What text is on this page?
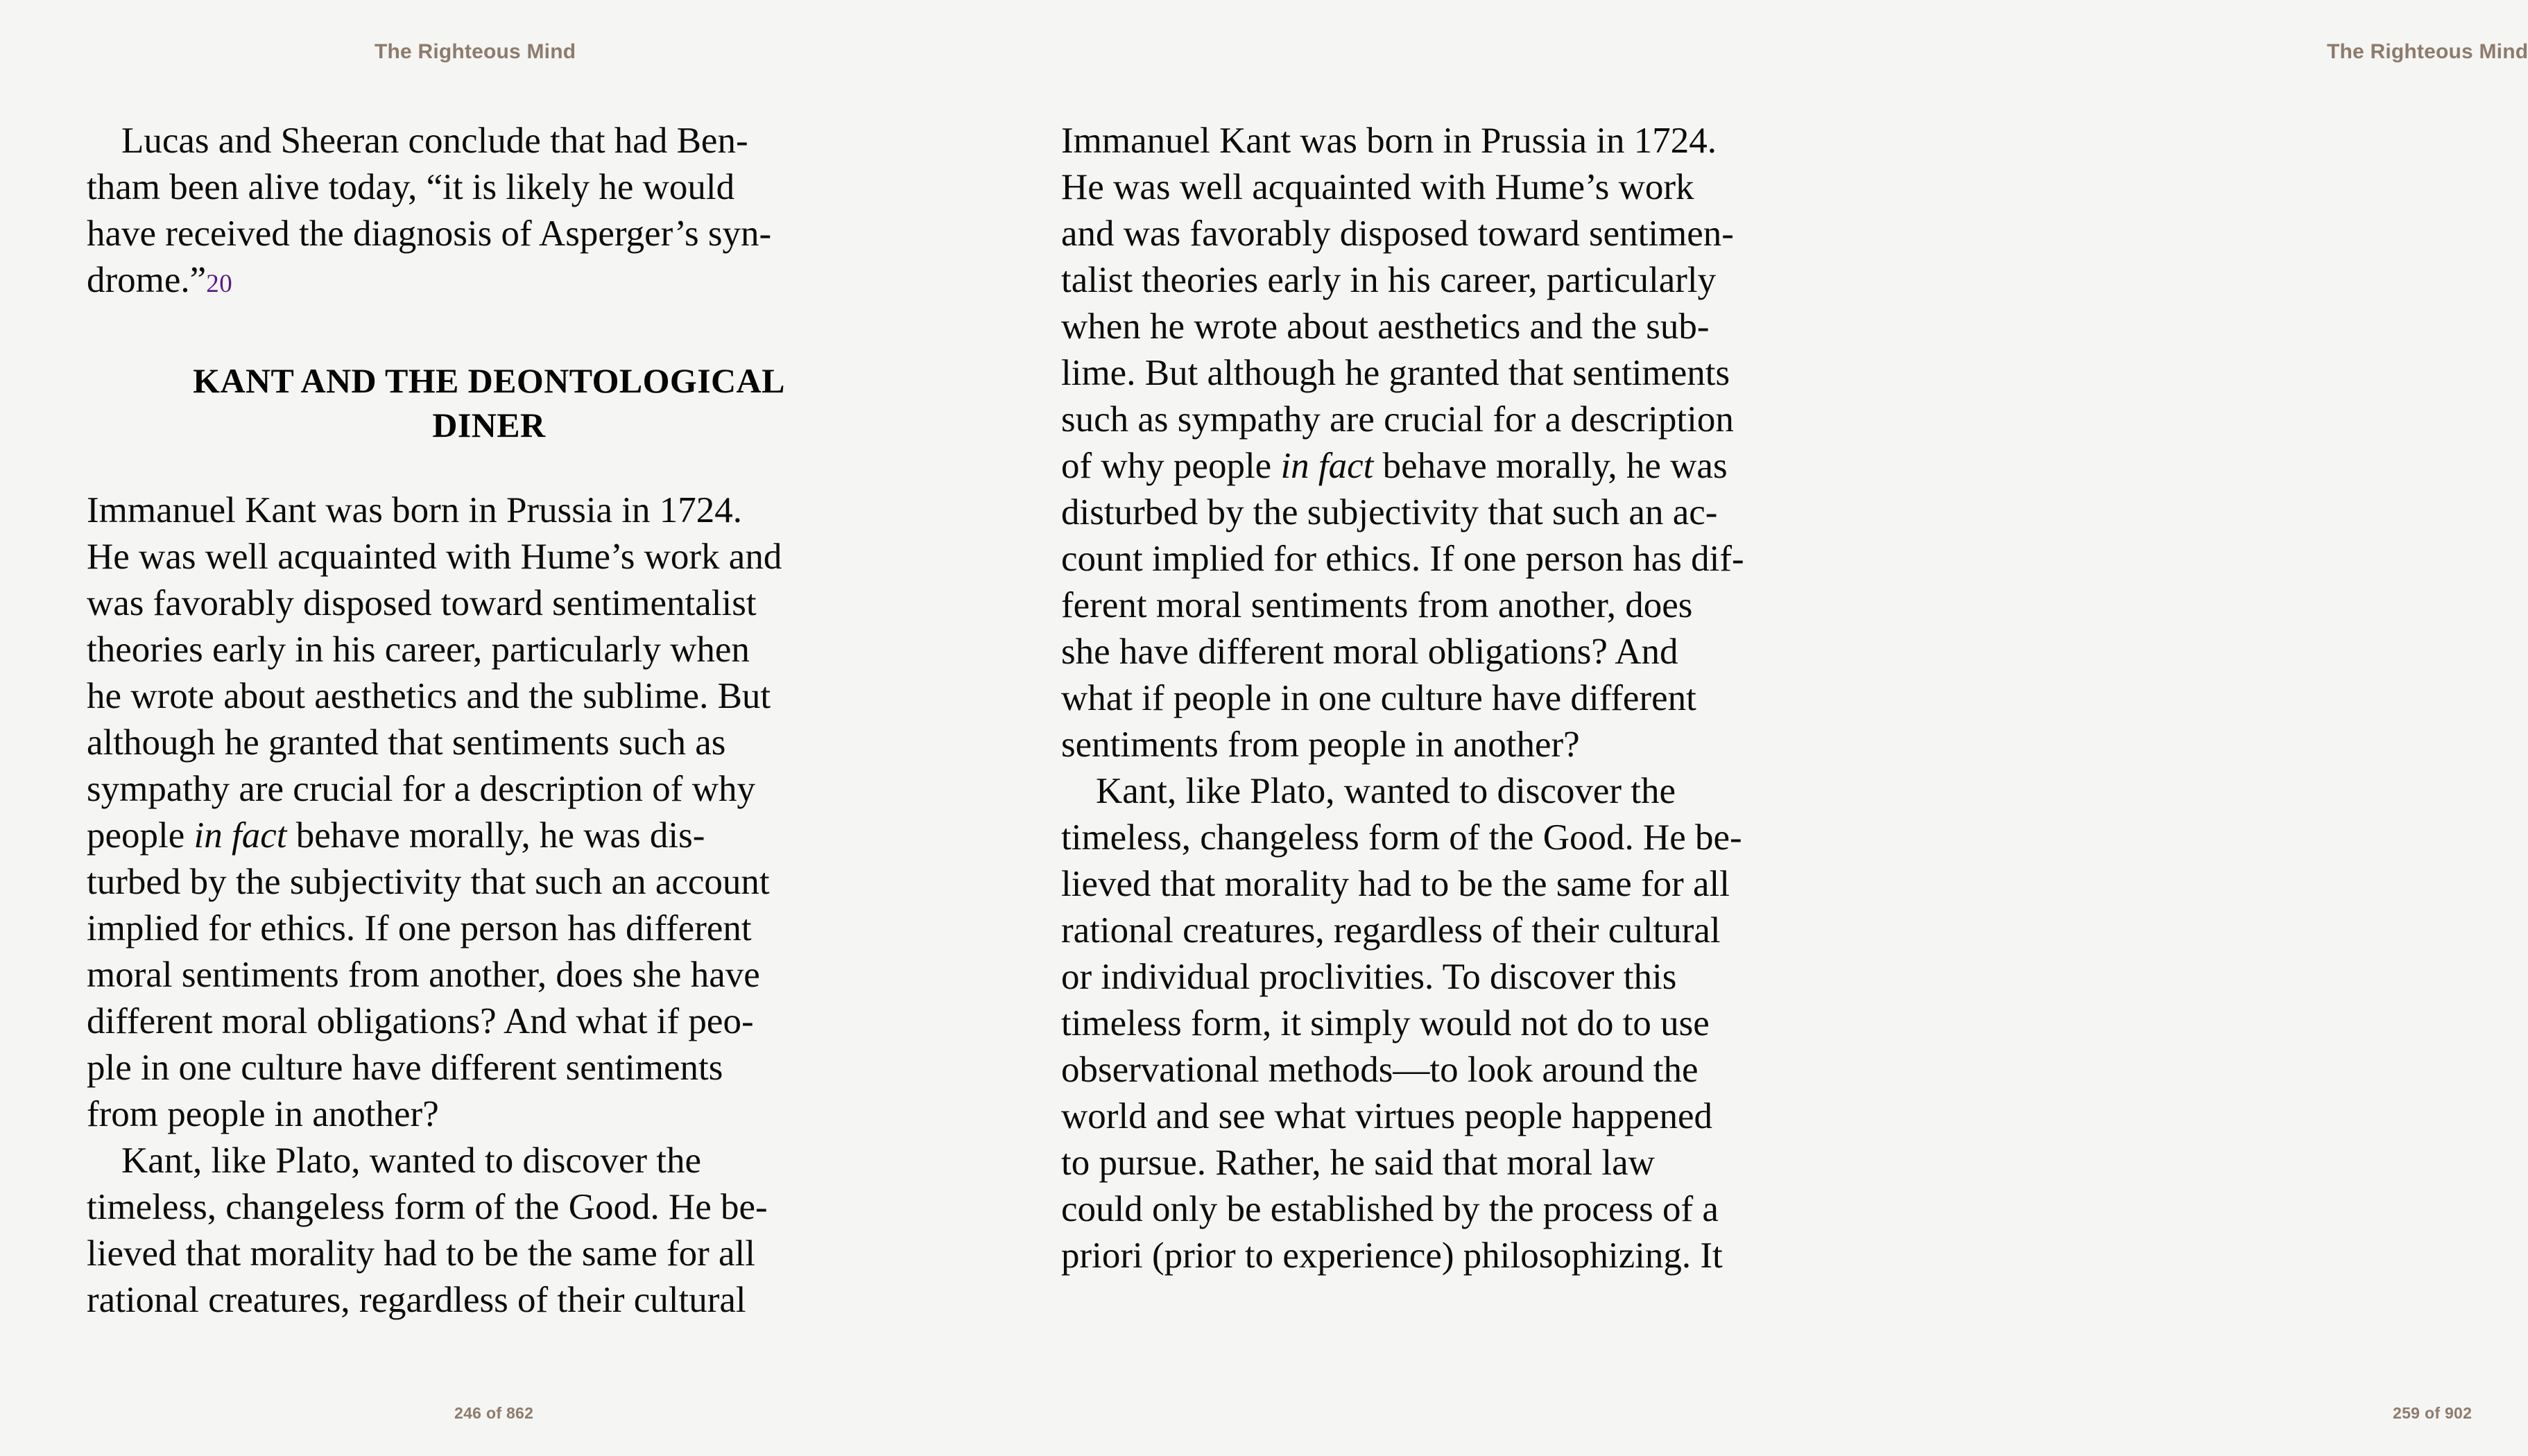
The Righteous Mind
Lucas and Sheeran conclude that had Ben-
tham been alive today, “it is likely he would
have received the diagnosis of Asperger’s syn-
drome.”20
KANT AND THE DEONTOLOGICAL
DINER
Immanuel Kant was born in Prussia in 1724.
He was well acquainted with Hume’s work and
was favorably disposed toward sentimentalist
theories early in his career, particularly when
he wrote about aesthetics and the sublime. But
although he granted that sentiments such as
sympathy are crucial for a description of why
people in fact behave morally, he was dis-
turbed by the subjectivity that such an account
implied for ethics. If one person has different
moral sentiments from another, does she have
different moral obligations? And what if peo-
ple in one culture have different sentiments
from people in another?
Kant, like Plato, wanted to discover the
timeless, changeless form of the Good. He be-
lieved that morality had to be the same for all
rational creatures, regardless of their cultural
246 of 862
The Righteous Mind
Immanuel Kant was born in Prussia in 1724.
He was well acquainted with Hume’s work
and was favorably disposed toward sentimen-
talist theories early in his career, particularly
when he wrote about aesthetics and the sub-
lime. But although he granted that sentiments
such as sympathy are crucial for a description
of why people in fact behave morally, he was
disturbed by the subjectivity that such an ac-
count implied for ethics. If one person has dif-
ferent moral sentiments from another, does
she have different moral obligations? And
what if people in one culture have different
sentiments from people in another?
Kant, like Plato, wanted to discover the
timeless, changeless form of the Good. He be-
lieved that morality had to be the same for all
rational creatures, regardless of their cultural
or individual proclivities. To discover this
timeless form, it simply would not do to use
observational methods—to look around the
world and see what virtues people happened
to pursue. Rather, he said that moral law
could only be established by the process of a
priori (prior to experience) philosophizing. It
259 of 902
